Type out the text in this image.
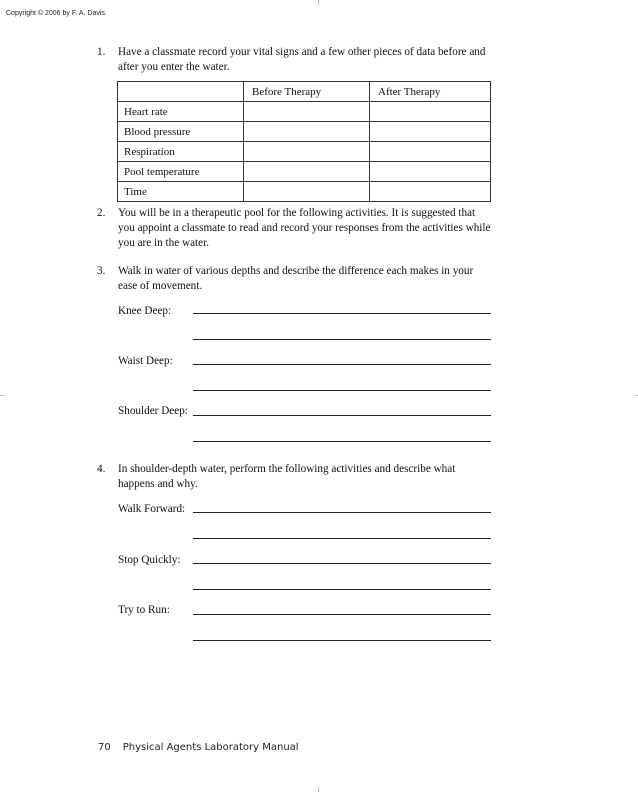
Copyright © 2006 by F. A. Davis.
1. Have a classmate record your vital signs and a few other pieces of data before and after you enter the water.
	Before Therapy	After Therapy
Heart rate		
Blood pressure		
Respiration		
Pool temperature		
Time		
2. You will be in a therapeutic pool for the following activities. It is suggested that you appoint a classmate to read and record your responses from the activities while you are in the water.
3. Walk in water of various depths and describe the difference each makes in your ease of movement.
Knee Deep:
Waist Deep:
Shoulder Deep:
4. In shoulder-depth water, perform the following activities and describe what happens and why.
Walk Forward:
Stop Quickly:
Try to Run:
70 Physical Agents Laboratory Manual
